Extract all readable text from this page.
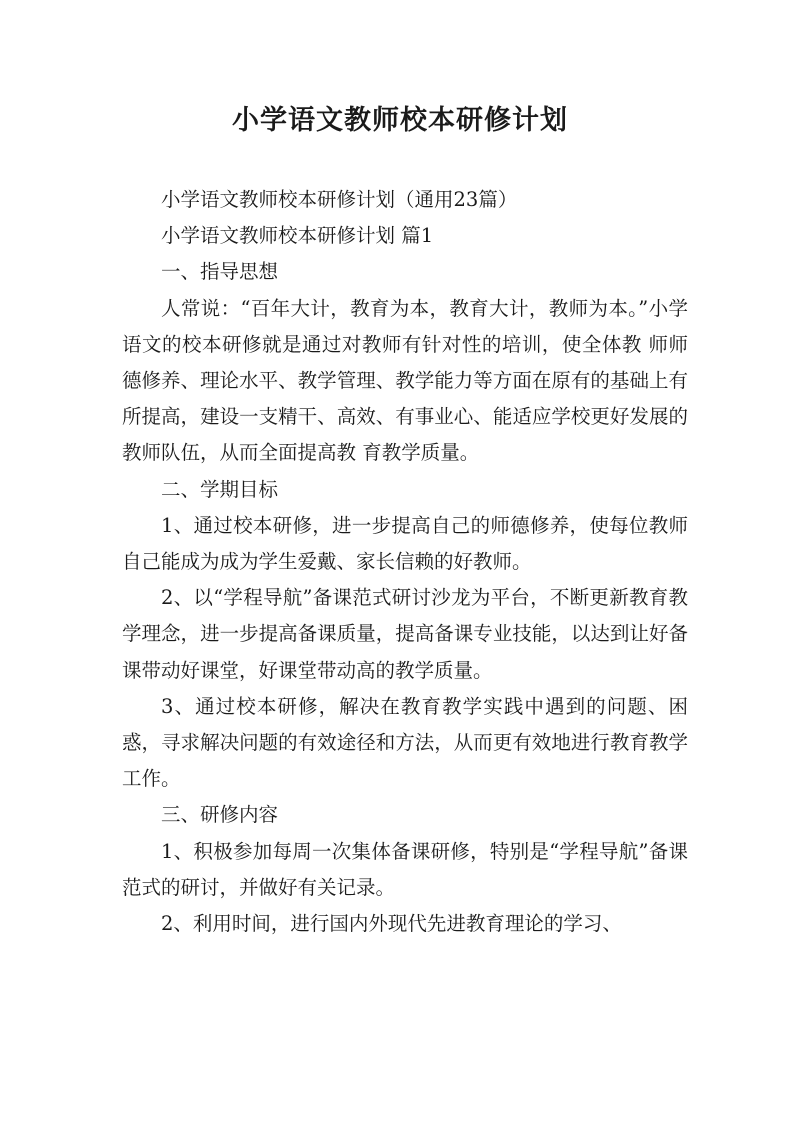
小学语文教师校本研修计划

小学语文教师校本研修计划（通用23篇）

小学语文教师校本研修计划 篇1

一、指导思想

人常说：“百年大计，教育为本，教育大计，教师为本。”小学语文的校本研修就是通过对教师有针对性的培训，使全体教 师师德修养、理论水平、教学管理、教学能力等方面在原有的基础上有所提高，建设一支精干、高效、有事业心、能适应学校更好发展的教师队伍，从而全面提高教 育教学质量。

二、学期目标

1、通过校本研修，进一步提高自己的师德修养，使每位教师自己能成为成为学生爱戴、家长信赖的好教师。

2、以“学程导航”备课范式研讨沙龙为平台，不断更新教育教学理念，进一步提高备课质量，提高备课专业技能，以达到让好备课带动好课堂，好课堂带动高的教学质量。

3、通过校本研修，解决在教育教学实践中遇到的问题、困惑，寻求解决问题的有效途径和方法，从而更有效地进行教育教学工作。

三、研修内容

1、积极参加每周一次集体备课研修，特别是“学程导航”备课范式的研讨，并做好有关记录。

2、利用时间，进行国内外现代先进教育理论的学习、
